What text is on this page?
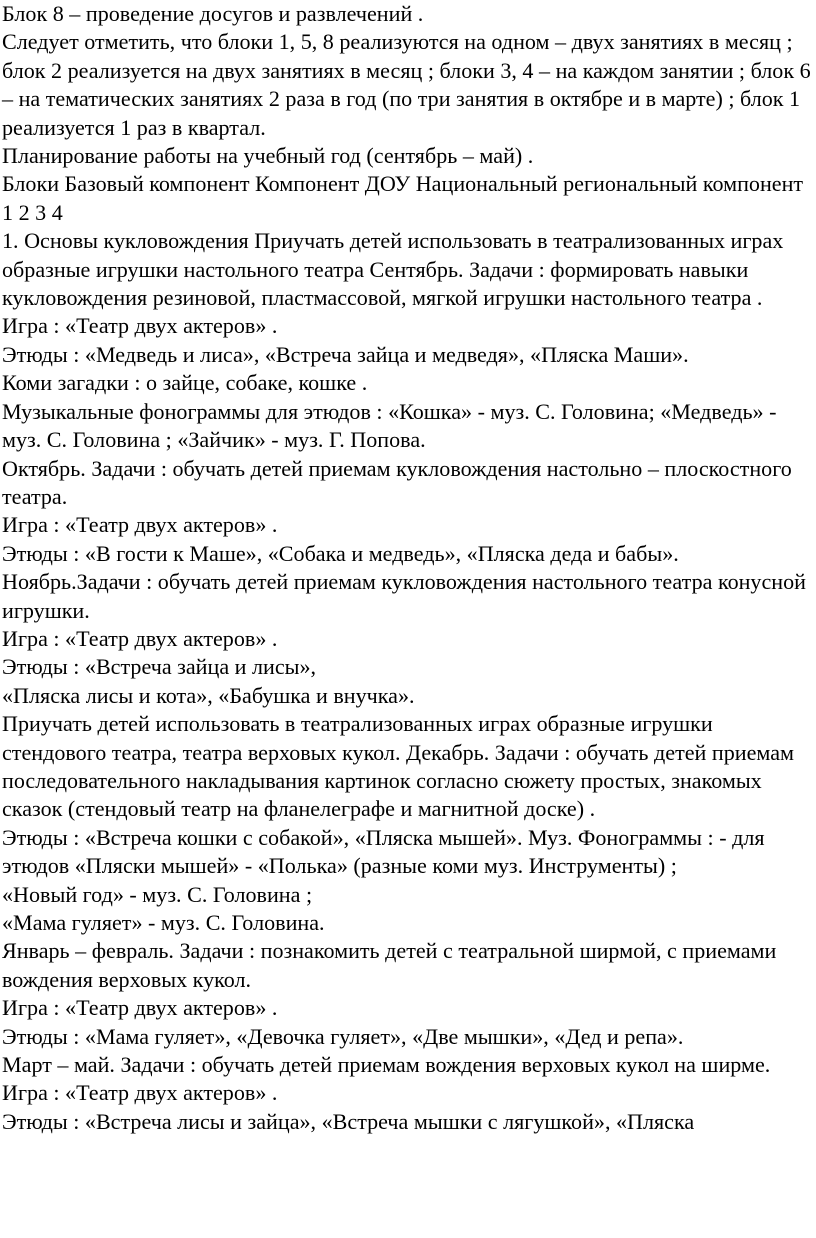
Блок 8 – проведение досугов и развлечений .

Следует отметить, что блоки 1, 5, 8 реализуются на одном – двух занятиях в месяц ; блок 2 реализуется на двух занятиях в месяц ; блоки 3, 4 – на каждом занятии ; блок 6 – на тематических занятиях 2 раза в год (по три занятия в октябре и в марте) ; блок 1 реализуется 1 раз в квартал.

Планирование работы на учебный год (сентябрь – май) .

Блоки Базовый компонент Компонент ДОУ Национальный региональный компонент

1 2 3 4

1. Основы кукловождения Приучать детей использовать в театрализованных играх образные игрушки настольного театра Сентябрь. Задачи : формировать навыки кукловождения резиновой, пластмассовой, мягкой игрушки настольного театра .

Игра : «Театр двух актеров» .

Этюды : «Медведь и лиса», «Встреча зайца и медведя», «Пляска Маши».

Коми загадки : о зайце, собаке, кошке .

Музыкальные фонограммы для этюдов : «Кошка» - муз. С. Головина; «Медведь» - муз. С. Головина ; «Зайчик» - муз. Г. Попова.

Октябрь. Задачи : обучать детей приемам кукловождения настольно – плоскостного театра.

Игра : «Театр двух актеров» .

Этюды : «В гости к Маше», «Собака и медведь», «Пляска деда и бабы».

Ноябрь.Задачи : обучать детей приемам кукловождения настольного театра конусной игрушки.

Игра : «Театр двух актеров» .

Этюды : «Встреча зайца и лисы»,

«Пляска лисы и кота», «Бабушка и внучка».

Приучать детей использовать в театрализованных играх образные игрушки стендового театра, театра верховых кукол. Декабрь. Задачи : обучать детей приемам последовательного накладывания картинок согласно сюжету простых, знакомых сказок (стендовый театр на фланелеграфе и магнитной доске) .

Этюды : «Встреча кошки с собакой», «Пляска мышей». Муз. Фонограммы : - для этюдов «Пляски мышей» - «Полька» (разные коми муз. Инструменты) ;

«Новый год» - муз. С. Головина ;

«Мама гуляет» - муз. С. Головина.

Январь – февраль. Задачи : познакомить детей с театральной ширмой, с приемами вождения верховых кукол.

Игра : «Театр двух актеров» .

Этюды : «Мама гуляет», «Девочка гуляет», «Две мышки», «Дед и репа».

Март – май. Задачи : обучать детей приемам вождения верховых кукол на ширме.

Игра : «Театр двух актеров» .

Этюды : «Встреча лисы и зайца», «Встреча мышки с лягушкой», «Пляска
